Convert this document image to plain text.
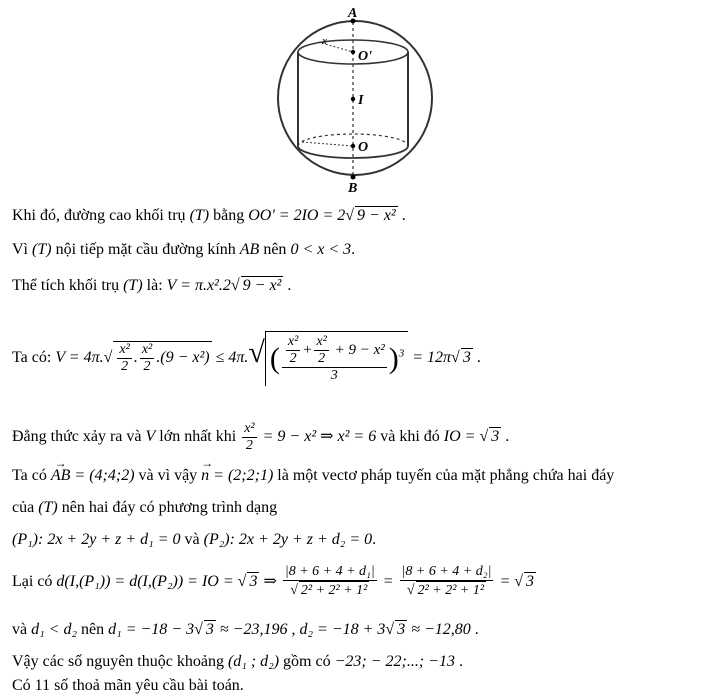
A
O'
I
O
B
x
Khi đó, đường cao khối trụ (T) bằng OO' = 2IO = 2√ 9 − x² .
Vì (T) nội tiếp mặt cầu đường kính AB nên 0 < x < 3.
Thể tích khối trụ (T) là: V = π.x².2√ 9 − x² .
Ta có: $V = 4\pi.√ \frac{\text{x²}}{2}$ . $\frac{\text{x²}}{2} .(9 - x^2) \le 4\pi.√$ ( $\frac{\frac{\text{x²}}{2} + \frac{\text{x²}}{2} + 9 - x^2}{3} )^3 = 12\pi√$ 3 .
Đẳng thức xảy ra và V lớn nhất khi $\frac{\text{x²}}{2} = 9 - x^2$ ⇒ x² = 6 và khi đó IO = √ 3 .
Ta có → AB = (4;4;2) và vì vậy → n = (2;2;1) là một vectơ pháp tuyến của mặt phẳng chứa hai đáy
của (T) nên hai đáy có phương trình dạng
(P₁): 2x + 2y + z + d₁ = 0 và (P₂): 2x + 2y + z + d₂ = 0.
Lại có d(I,(P₁)) = d(I,(P₂)) = IO = √ 3 ⇒ $\frac{\text{|8 + 6 + 4 + d₁|}}{\text{√ 2² + 2² + 1²}} = \frac{\text{|8 + 6 + 4 + d₂|}}{\text{√ 2² + 2² + 1²}}$ = √ 3
và d₁ < d₂ nên d₁ = −18 − 3√ 3 ≈ −23,196 , d₂ = −18 + 3√ 3 ≈ −12,80 .
Vậy các số nguyên thuộc khoảng (d₁ ; d₂) gồm có −23; − 22;...; −13 .
Có 11 số thoả mãn yêu cầu bài toán.
